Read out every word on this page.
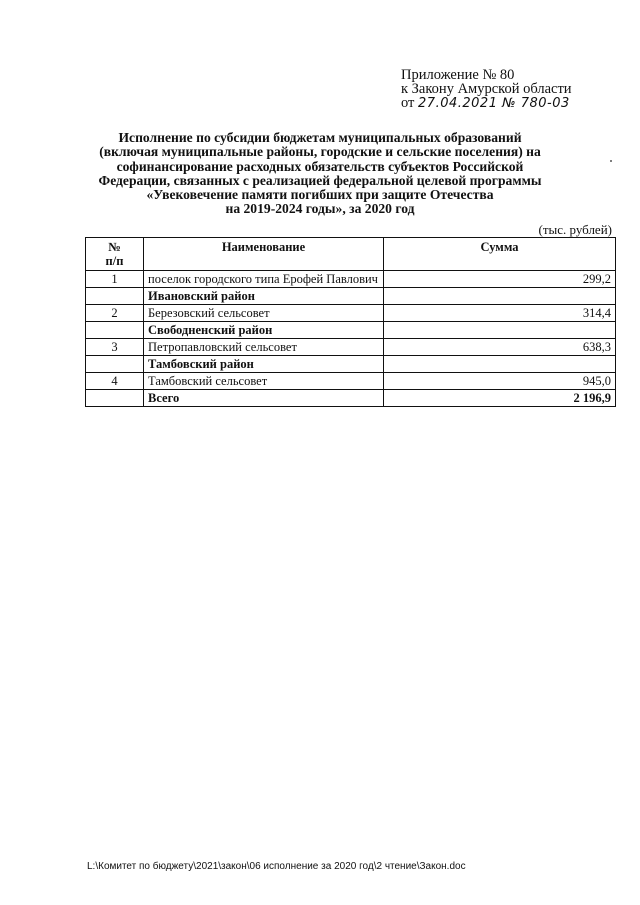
Приложение № 80
к Закону Амурской области
от 27.04.2021 № 780-03
Исполнение по субсидии бюджетам муниципальных образований
(включая муниципальные районы, городские и сельские поселения) на
софинансирование расходных обязательств субъектов Российской
Федерации, связанных с реализацией федеральной целевой программы
«Увековечение памяти погибших при защите Отечества
на 2019-2024 годы», за 2020 год
(тыс. рублей)
№
п/п	Наименование	Сумма
1	поселок городского типа Ерофей Павлович	299,2
	Ивановский район	
2	Березовский сельсовет	314,4
	Свободненский район	
3	Петропавловский сельсовет	638,3
	Тамбовский район	
4	Тамбовский сельсовет	945,0
	Всего	2 196,9
L:\Комитет по бюджету\2021\закон\06 исполнение за 2020 год\2 чтение\Закон.doc
